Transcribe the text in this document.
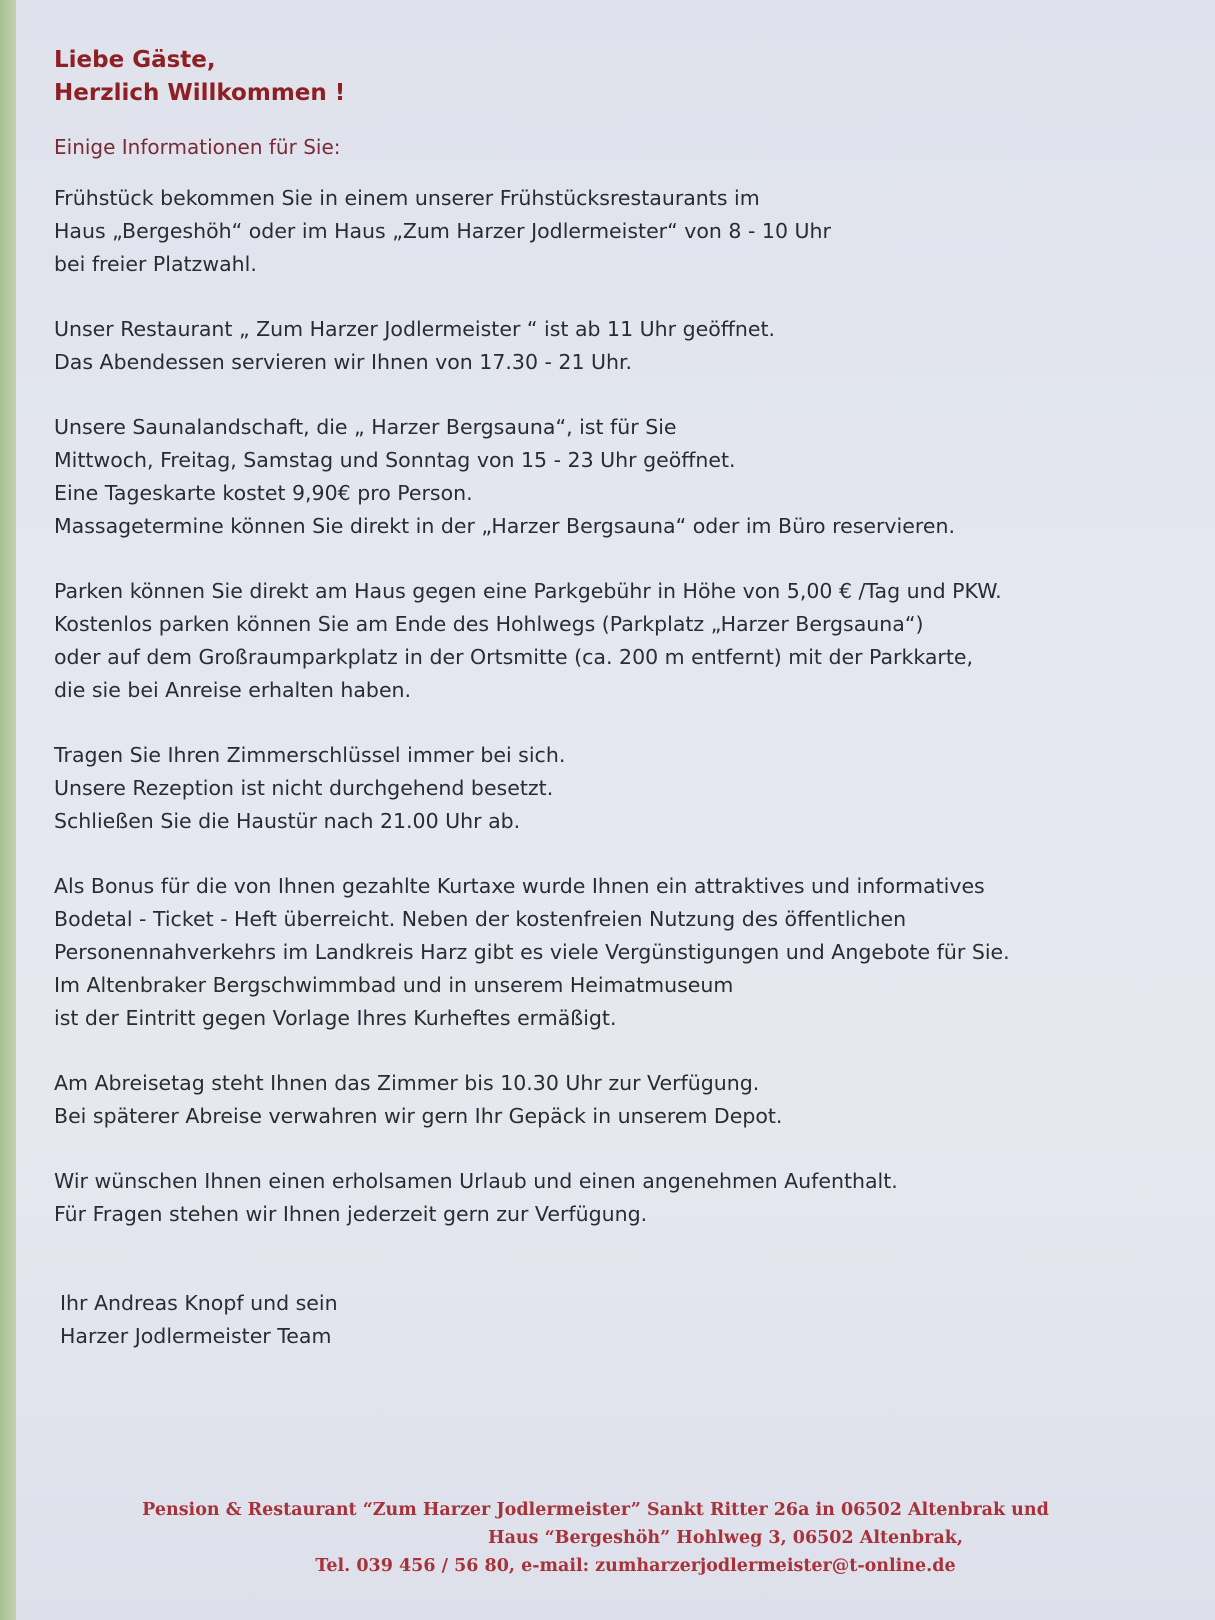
Liebe Gäste,
Herzlich Willkommen !
Einige Informationen für Sie:
Frühstück bekommen Sie in einem unserer Frühstücksrestaurants im
Haus „Bergeshöh“ oder im Haus „Zum Harzer Jodlermeister“ von 8 - 10 Uhr
bei freier Platzwahl.
Unser Restaurant „ Zum Harzer Jodlermeister “ ist ab 11 Uhr geöffnet.
Das Abendessen servieren wir Ihnen von 17.30 - 21 Uhr.
Unsere Saunalandschaft, die „ Harzer Bergsauna“, ist für Sie
Mittwoch, Freitag, Samstag und Sonntag von 15 - 23 Uhr geöffnet.
Eine Tageskarte kostet 9,90€ pro Person.
Massagetermine können Sie direkt in der „Harzer Bergsauna“ oder im Büro reservieren.
Parken können Sie direkt am Haus gegen eine Parkgebühr in Höhe von 5,00 € /Tag und PKW.
Kostenlos parken können Sie am Ende des Hohlwegs (Parkplatz „Harzer Bergsauna“)
oder auf dem Großraumparkplatz in der Ortsmitte (ca. 200 m entfernt) mit der Parkkarte,
die sie bei Anreise erhalten haben.
Tragen Sie Ihren Zimmerschlüssel immer bei sich.
Unsere Rezeption ist nicht durchgehend besetzt.
Schließen Sie die Haustür nach 21.00 Uhr ab.
Als Bonus für die von Ihnen gezahlte Kurtaxe wurde Ihnen ein attraktives und informatives
Bodetal - Ticket - Heft überreicht. Neben der kostenfreien Nutzung des öffentlichen
Personennahverkehrs im Landkreis Harz gibt es viele Vergünstigungen und Angebote für Sie.
Im Altenbraker Bergschwimmbad und in unserem Heimatmuseum
ist der Eintritt gegen Vorlage Ihres Kurheftes ermäßigt.
Am Abreisetag steht Ihnen das Zimmer bis 10.30 Uhr zur Verfügung.
Bei späterer Abreise verwahren wir gern Ihr Gepäck in unserem Depot.
Wir wünschen Ihnen einen erholsamen Urlaub und einen angenehmen Aufenthalt.
Für Fragen stehen wir Ihnen jederzeit gern zur Verfügung.
Ihr Andreas Knopf und sein
Harzer Jodlermeister Team
Pension & Restaurant “Zum Harzer Jodlermeister” Sankt Ritter 26a in 06502 Altenbrak und
Haus “Bergeshöh” Hohlweg 3, 06502 Altenbrak,
Tel. 039 456 / 56 80, e-mail: zumharzerjodlermeister@t-online.de
